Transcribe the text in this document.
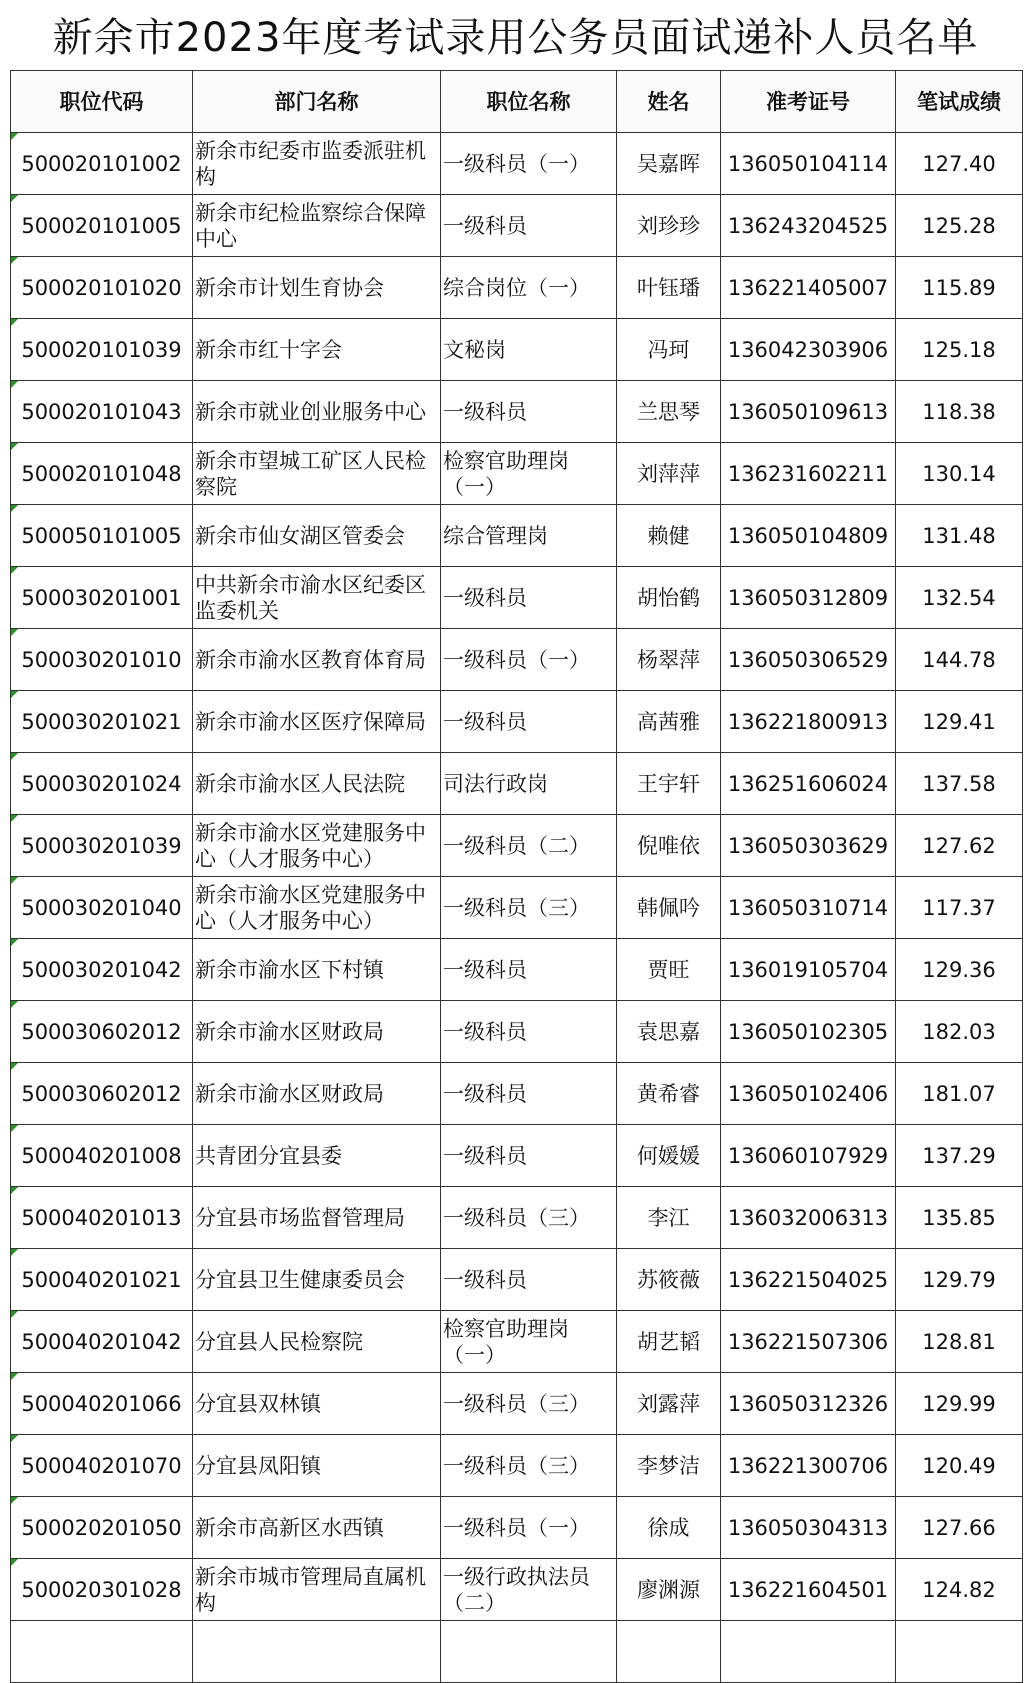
新余市2023年度考试录用公务员面试递补人员名单
职位代码	部门名称	职位名称	姓名	准考证号	笔试成绩
500020101002	新余市纪委市监委派驻机构	一级科员（一）	吴嘉晖	136050104114	127.40
500020101005	新余市纪检监察综合保障中心	一级科员	刘珍珍	136243204525	125.28
500020101020	新余市计划生育协会	综合岗位（一）	叶钰璠	136221405007	115.89
500020101039	新余市红十字会	文秘岗	冯珂	136042303906	125.18
500020101043	新余市就业创业服务中心	一级科员	兰思琴	136050109613	118.38
500020101048	新余市望城工矿区人民检察院	检察官助理岗（一）	刘萍萍	136231602211	130.14
500050101005	新余市仙女湖区管委会	综合管理岗	赖健	136050104809	131.48
500030201001	中共新余市渝水区纪委区监委机关	一级科员	胡怡鹤	136050312809	132.54
500030201010	新余市渝水区教育体育局	一级科员（一）	杨翠萍	136050306529	144.78
500030201021	新余市渝水区医疗保障局	一级科员	高茜雅	136221800913	129.41
500030201024	新余市渝水区人民法院	司法行政岗	王宇轩	136251606024	137.58
500030201039	新余市渝水区党建服务中心（人才服务中心）	一级科员（二）	倪唯依	136050303629	127.62
500030201040	新余市渝水区党建服务中心（人才服务中心）	一级科员（三）	韩佩吟	136050310714	117.37
500030201042	新余市渝水区下村镇	一级科员	贾旺	136019105704	129.36
500030602012	新余市渝水区财政局	一级科员	袁思嘉	136050102305	182.03
500030602012	新余市渝水区财政局	一级科员	黄希睿	136050102406	181.07
500040201008	共青团分宜县委	一级科员	何媛媛	136060107929	137.29
500040201013	分宜县市场监督管理局	一级科员（三）	李江	136032006313	135.85
500040201021	分宜县卫生健康委员会	一级科员	苏筱薇	136221504025	129.79
500040201042	分宜县人民检察院	检察官助理岗（一）	胡艺韬	136221507306	128.81
500040201066	分宜县双林镇	一级科员（三）	刘露萍	136050312326	129.99
500040201070	分宜县凤阳镇	一级科员（三）	李梦洁	136221300706	120.49
500020201050	新余市高新区水西镇	一级科员（一）	徐成	136050304313	127.66
500020301028	新余市城市管理局直属机构	一级行政执法员（二）	廖渊源	136221604501	124.82
